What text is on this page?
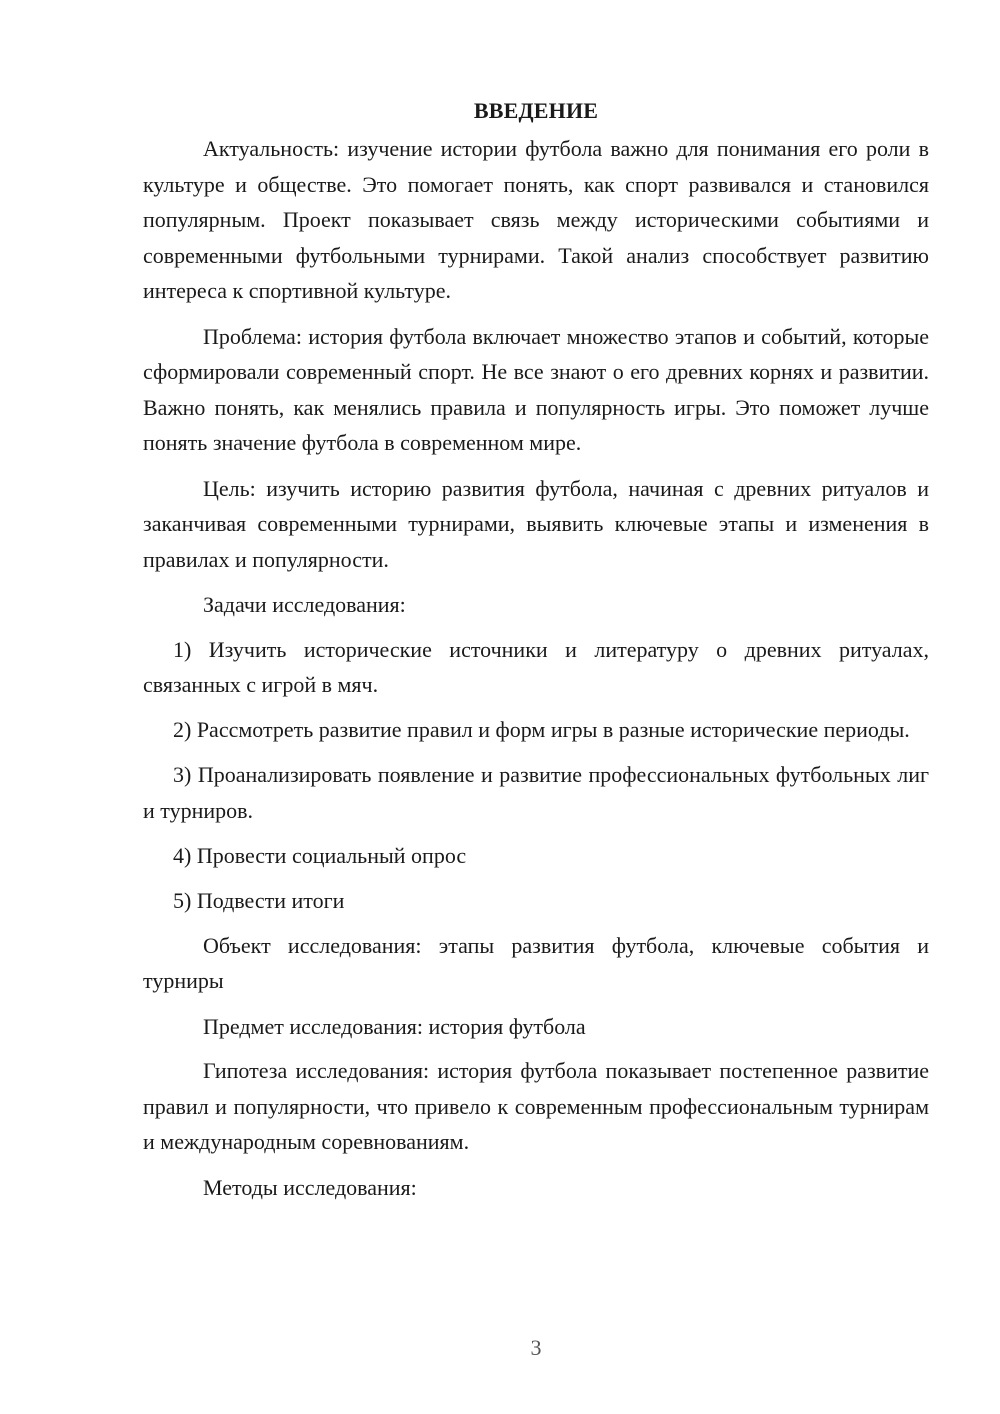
ВВЕДЕНИЕ

Актуальность: изучение истории футбола важно для понимания его роли в культуре и обществе. Это помогает понять, как спорт развивался и становился популярным. Проект показывает связь между историческими событиями и современными футбольными турнирами. Такой анализ способствует развитию интереса к спортивной культуре.

Проблема: история футбола включает множество этапов и событий, которые сформировали современный спорт. Не все знают о его древних корнях и развитии. Важно понять, как менялись правила и популярность игры. Это поможет лучше понять значение футбола в современном мире.

Цель: изучить историю развития футбола, начиная с древних ритуалов и заканчивая современными турнирами, выявить ключевые этапы и изменения в правилах и популярности.

Задачи исследования:

1) Изучить исторические источники и литературу о древних ритуалах, связанных с игрой в мяч.

2) Рассмотреть развитие правил и форм игры в разные исторические периоды.

3) Проанализировать появление и развитие профессиональных футбольных лиг и турниров.

4) Провести социальный опрос

5) Подвести итоги

Объект исследования: этапы развития футбола, ключевые события и турниры

Предмет исследования: история футбола

Гипотеза исследования: история футбола показывает постепенное развитие правил и популярности, что привело к современным профессиональным турнирам и международным соревнованиям.

Методы исследования:

3
